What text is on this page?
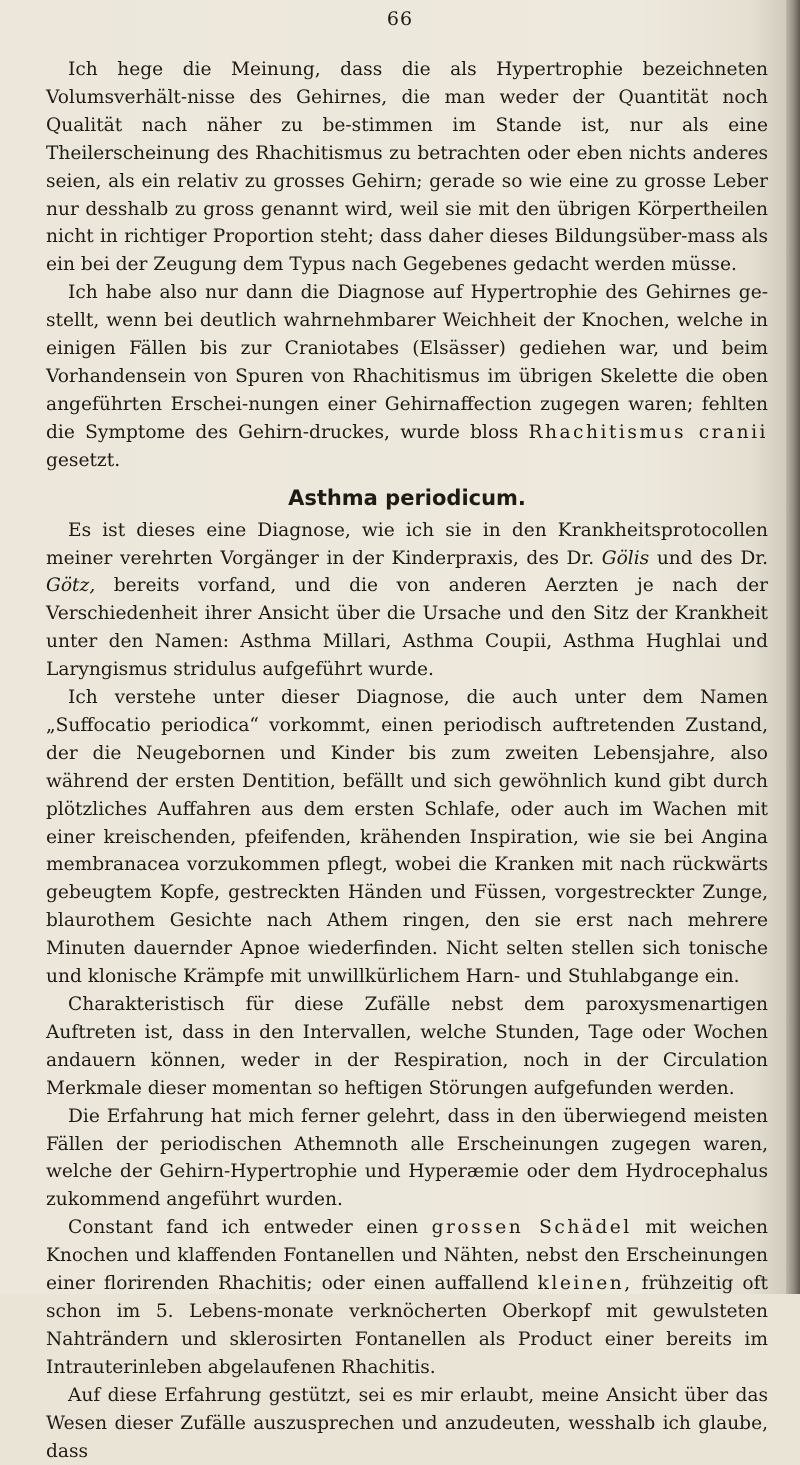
66

Ich hege die Meinung, dass die als Hypertrophie bezeichneten Volumsverhält-nisse des Gehirnes, die man weder der Quantität noch Qualität nach näher zu be-stimmen im Stande ist, nur als eine Theilerscheinung des Rhachitismus zu betrachten oder eben nichts anderes seien, als ein relativ zu grosses Gehirn; gerade so wie eine zu grosse Leber nur desshalb zu gross genannt wird, weil sie mit den übrigen Körpertheilen nicht in richtiger Proportion steht; dass daher dieses Bildungsüber-mass als ein bei der Zeugung dem Typus nach Gegebenes gedacht werden müsse.

Ich habe also nur dann die Diagnose auf Hypertrophie des Gehirnes ge-stellt, wenn bei deutlich wahrnehmbarer Weichheit der Knochen, welche in einigen Fällen bis zur Craniotabes (Elsässer) gediehen war, und beim Vorhandensein von Spuren von Rhachitismus im übrigen Skelette die oben angeführten Erschei-nungen einer Gehirnaffection zugegen waren; fehlten die Symptome des Gehirn-druckes, wurde bloss Rhachitismus cranii gesetzt.

Asthma periodicum.

Es ist dieses eine Diagnose, wie ich sie in den Krankheitsprotocollen meiner verehrten Vorgänger in der Kinderpraxis, des Dr. Gölis und des Dr. Götz, bereits vorfand, und die von anderen Aerzten je nach der Verschiedenheit ihrer Ansicht über die Ursache und den Sitz der Krankheit unter den Namen: Asthma Millari, Asthma Coupii, Asthma Hughlai und Laryngismus stridulus aufgeführt wurde.

Ich verstehe unter dieser Diagnose, die auch unter dem Namen „Suffocatio periodica“ vorkommt, einen periodisch auftretenden Zustand, der die Neugebornen und Kinder bis zum zweiten Lebensjahre, also während der ersten Dentition, befällt und sich gewöhnlich kund gibt durch plötzliches Auffahren aus dem ersten Schlafe, oder auch im Wachen mit einer kreischenden, pfeifenden, krähenden Inspiration, wie sie bei Angina membranacea vorzukommen pflegt, wobei die Kranken mit nach rückwärts gebeugtem Kopfe, gestreckten Händen und Füssen, vorgestreckter Zunge, blaurothem Gesichte nach Athem ringen, den sie erst nach mehrere Minuten dauernder Apnoe wiederfinden. Nicht selten stellen sich tonische und klonische Krämpfe mit unwillkürlichem Harn- und Stuhlabgange ein.

Charakteristisch für diese Zufälle nebst dem paroxysmenartigen Auftreten ist, dass in den Intervallen, welche Stunden, Tage oder Wochen andauern können, weder in der Respiration, noch in der Circulation Merkmale dieser momentan so heftigen Störungen aufgefunden werden.

Die Erfahrung hat mich ferner gelehrt, dass in den überwiegend meisten Fällen der periodischen Athemnoth alle Erscheinungen zugegen waren, welche der Gehirn-Hypertrophie und Hyperæmie oder dem Hydrocephalus zukommend angeführt wurden.

Constant fand ich entweder einen grossen Schädel mit weichen Knochen und klaffenden Fontanellen und Nähten, nebst den Erscheinungen einer florirenden Rhachitis; oder einen auffallend kleinen, frühzeitig oft schon im 5. Lebens-monate verknöcherten Oberkopf mit gewulsteten Nahträndern und sklerosirten Fontanellen als Product einer bereits im Intrauterinleben abgelaufenen Rhachitis.

Auf diese Erfahrung gestützt, sei es mir erlaubt, meine Ansicht über das Wesen dieser Zufälle auszusprechen und anzudeuten, wesshalb ich glaube, dass
